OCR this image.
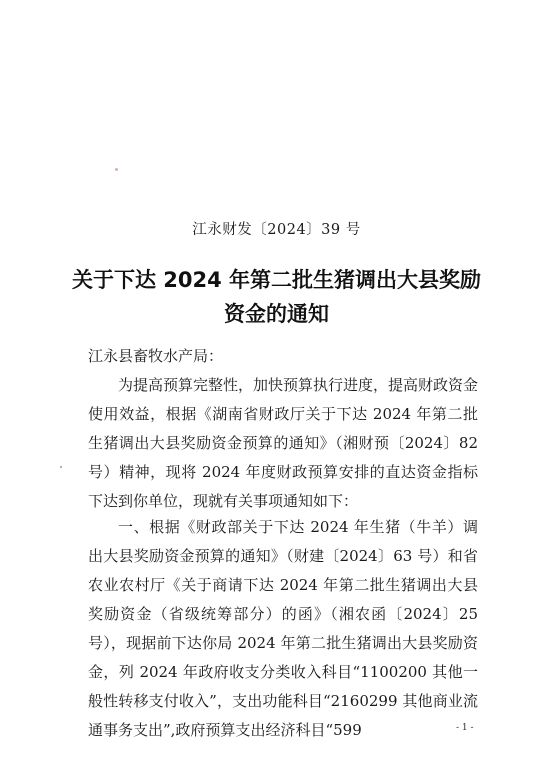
江永财发〔2024〕39 号
关于下达 2024 年第二批生猪调出大县奖励
资金的通知
江永县畜牧水产局：
为提高预算完整性，加快预算执行进度，提高财政资金使用效益，根据《湖南省财政厅关于下达 2024 年第二批生猪调出大县奖励资金预算的通知》（湘财预〔2024〕82 号）精神，现将 2024 年度财政预算安排的直达资金指标下达到你单位，现就有关事项通知如下：
一、根据《财政部关于下达 2024 年生猪（牛羊）调出大县奖励资金预算的通知》（财建〔2024〕63 号）和省农业农村厅《关于商请下达 2024 年第二批生猪调出大县奖励资金（省级统筹部分）的函》（湘农函〔2024〕25 号），现据前下达你局 2024 年第二批生猪调出大县奖励资金，列 2024 年政府收支分类收入科目“1100200 其他一般性转移支付收入”，支出功能科目“2160299 其他商业流通事务支出”,政府预算支出经济科目“599	- 1 -
